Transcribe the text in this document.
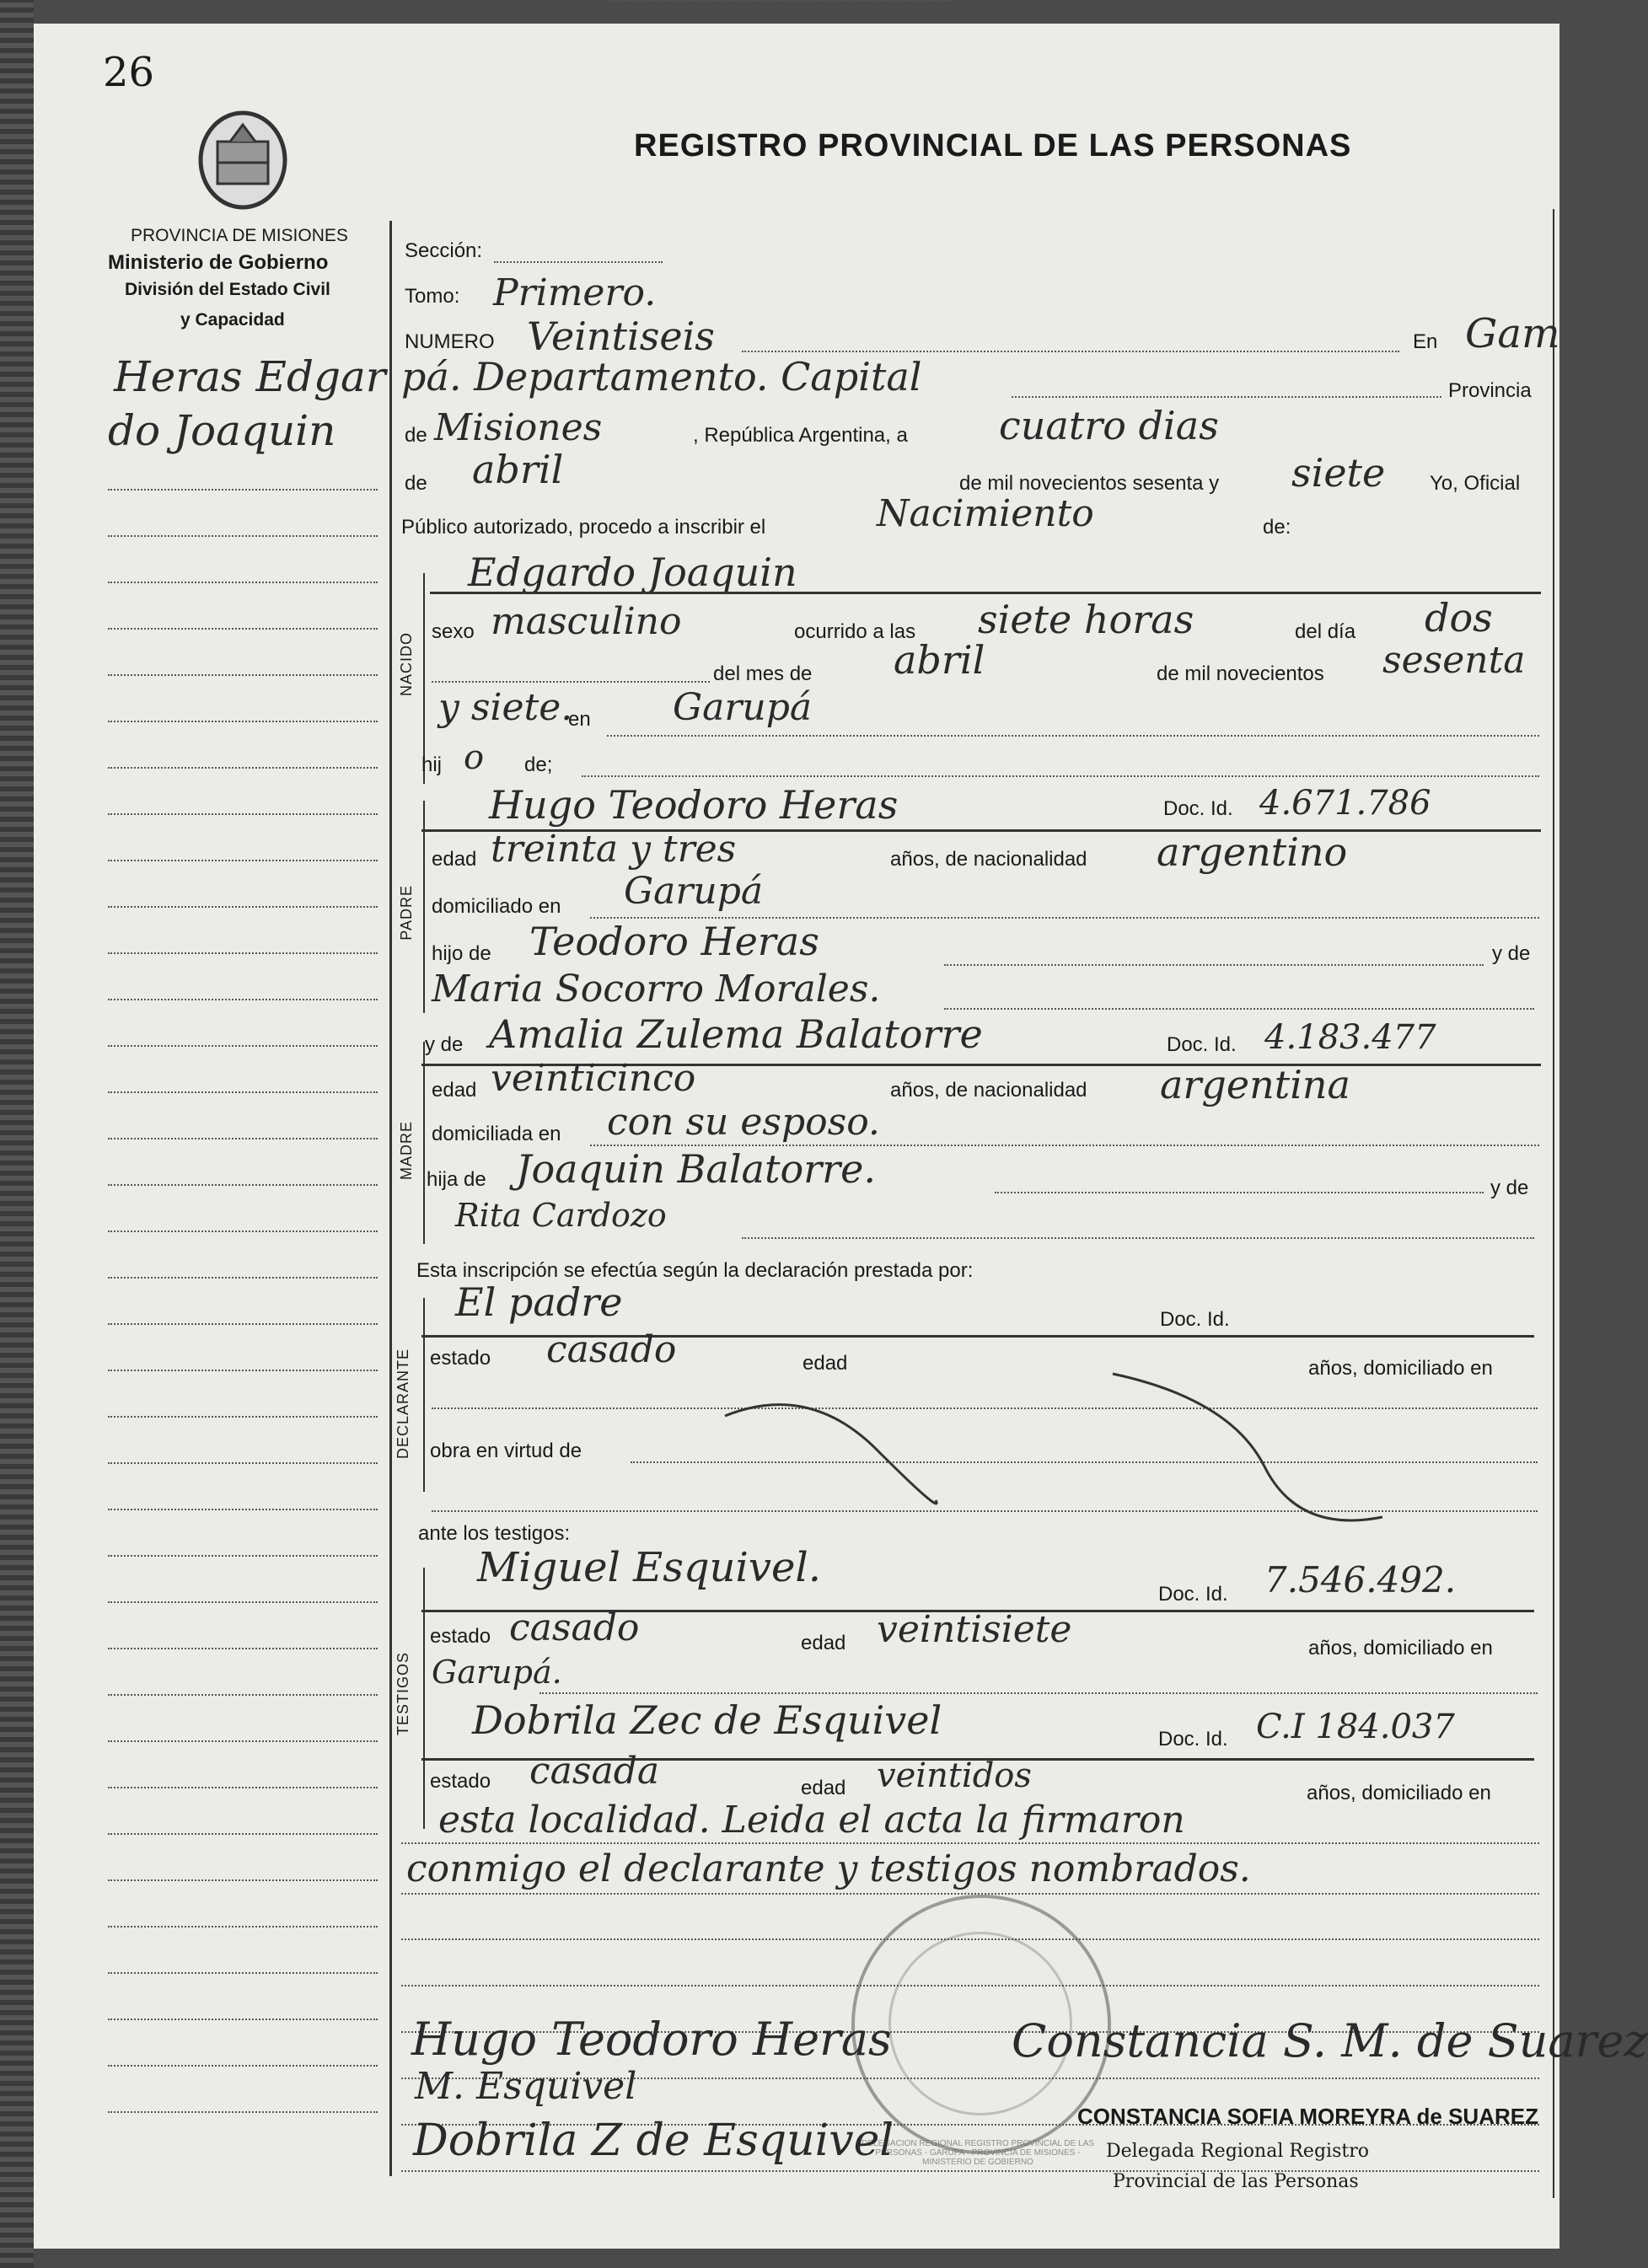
26
REGISTRO PROVINCIAL DE LAS PERSONAS
PROVINCIA DE MISIONES
Ministerio de Gobierno
División del Estado Civil
y Capacidad
Heras Edgar
do Joaquin
Sección:
Tomo: Primero.
NUMERO Veintiseis	En Gam
pá. Departamento. Capital	Provincia
de Misiones	, República Argentina, a cuatro dias
de abril	de mil novecientos sesenta y siete Yo, Oficial
Público autorizado, procedo a inscribir el	Nacimiento	de:
NACIDO
Edgardo Joaquin
sexo masculino	ocurrido a las siete horas	del día dos
del mes de abril	de mil novecientos sesenta
y siete.
en Garupá
hij o de;
PADRE
Hugo Teodoro Heras	Doc. Id. 4.671.786
edad treinta y tres	años, de nacionalidad argentino
domiciliado en Garupá
hijo de Teodoro Heras	y de
Maria Socorro Morales.
MADRE
y de Amalia Zulema Balatorre	Doc. Id. 4.183.477
edad veinticinco	años, de nacionalidad argentina
domiciliada en con su esposo.
hija de Joaquin Balatorre.	y de
Rita Cardozo
Esta inscripción se efectúa según la declaración prestada por:
DECLARANTE
El padre	Doc. Id.
estado casado	edad	años, domiciliado en
obra en virtud de
ante los testigos:
TESTIGOS
Miguel Esquivel.
Doc. Id. 7.546.492.
estado casado	edad veintisiete	años, domiciliado en
Garupá.
Dobrila Zec de Esquivel	Doc. Id. C.I 184.037
estado casada	edad veintidos	años, domiciliado en
esta localidad. Leida el acta la firmaron
conmigo el declarante y testigos nombrados.
DELEGACION REGIONAL REGISTRO PROVINCIAL DE LAS PERSONAS - GARUPA - PROVINCIA DE MISIONES - MINISTERIO DE GOBIERNO
Hugo Teodoro Heras
M. Esquivel
Dobrila Z de Esquivel
Constancia S. M. de Suarez
CONSTANCIA SOFIA MOREYRA de SUAREZ
Delegada Regional Registro
Provincial de las Personas
